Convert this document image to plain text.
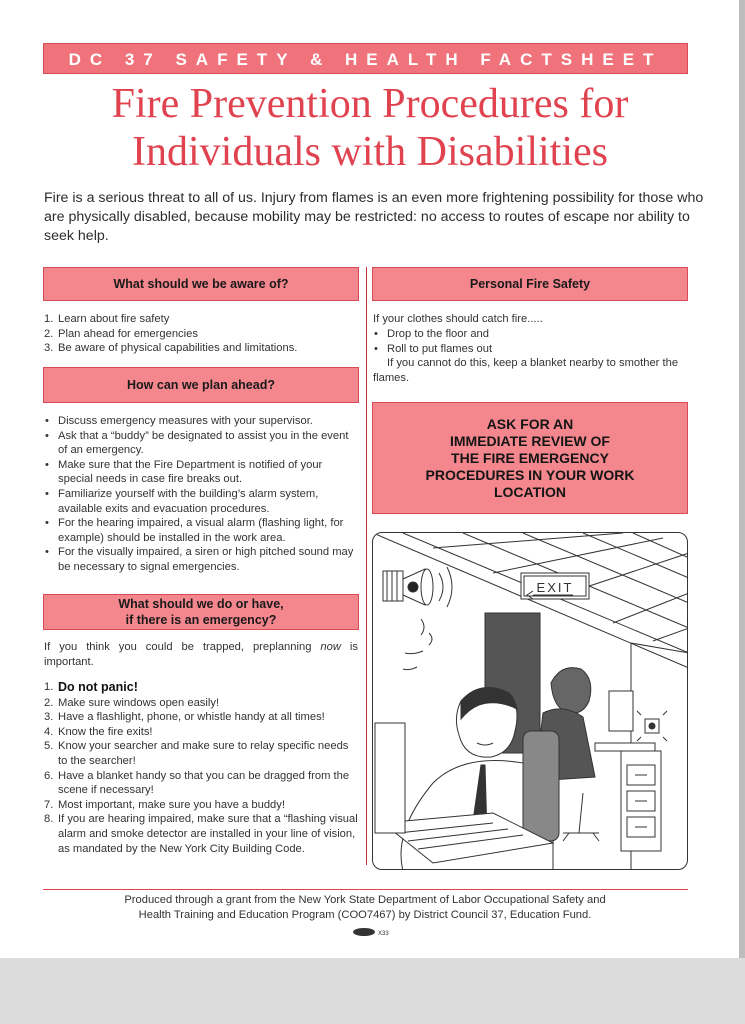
DC 37 SAFETY & HEALTH FACTSHEET
Fire Prevention Procedures for Individuals with Disabilities
Fire is a serious threat to all of us. Injury from flames is an even more frightening possibility for those who are physically disabled, because mobility may be restricted: no access to routes of escape nor ability to seek help.
What should we be aware of?
1. Learn about fire safety
2. Plan ahead for emergencies
3. Be aware of physical capabilities and limitations.
How can we plan ahead?
• Discuss emergency measures with your supervisor.
• Ask that a “buddy” be designated to assist you in the event of an emergency.
• Make sure that the Fire Department is notified of your special needs in case fire breaks out.
• Familiarize yourself with the building’s alarm system, available exits and evacuation procedures.
• For the hearing impaired, a visual alarm (flashing light, for example) should be installed in the work area.
• For the visually impaired, a siren or high pitched sound may be necessary to signal emergencies.
What should we do or have,
if there is an emergency?
If you think you could be trapped, preplanning now is important.
1. Do not panic!
2. Make sure windows open easily!
3. Have a flashlight, phone, or whistle handy at all times!
4. Know the fire exits!
5. Know your searcher and make sure to relay specific needs to the searcher!
6. Have a blanket handy so that you can be dragged from the scene if necessary!
7. Most important, make sure you have a buddy!
8. If you are hearing impaired, make sure that a “flashing visual alarm and smoke detector are installed in your line of vision, as mandated by the New York City Building Code.
Personal Fire Safety
If your clothes should catch fire.....
• Drop to the floor and
• Roll to put flames out
If you cannot do this, keep a blanket nearby to smother the flames.
ASK FOR AN
IMMEDIATE REVIEW OF
THE FIRE EMERGENCY
PROCEDURES IN YOUR WORK
LOCATION
EXIT
Produced through a grant from the New York State Department of Labor Occupational Safety and
Health Training and Education Program (COO7467) by District Council 37, Education Fund.
X33
